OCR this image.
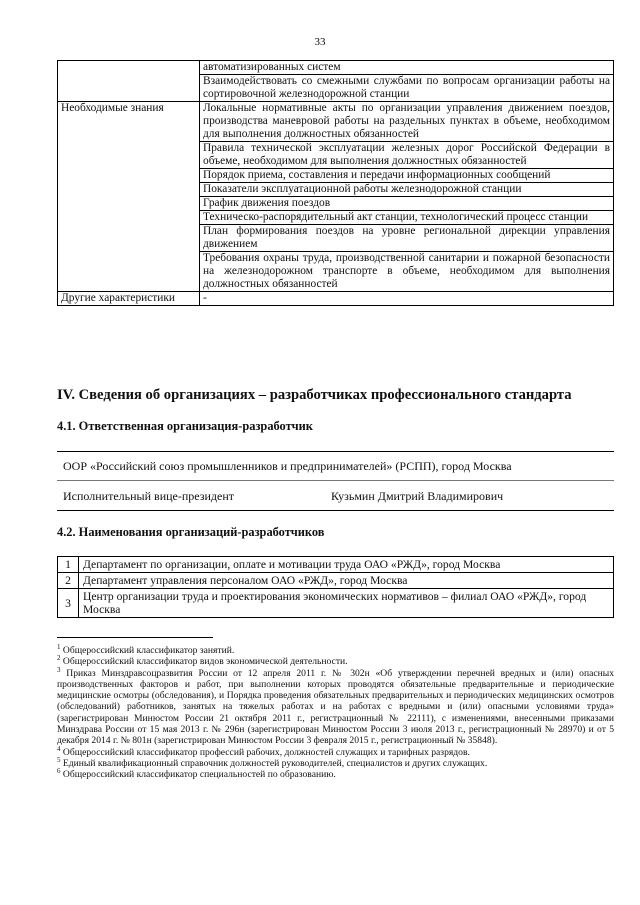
33
	автоматизированных систем
	Взаимодействовать со смежными службами по вопросам организации работы на сортировочной железнодорожной станции
Необходимые знания	Локальные нормативные акты по организации управления движением поездов, производства маневровой работы на раздельных пунктах в объеме, необходимом для выполнения должностных обязанностей
	Правила технической эксплуатации железных дорог Российской Федерации в объеме, необходимом для выполнения должностных обязанностей
	Порядок приема, составления и передачи информационных сообщений
	Показатели эксплуатационной работы железнодорожной станции
	График движения поездов
	Техническо-распорядительный акт станции, технологический процесс станции
	План формирования поездов на уровне региональной дирекции управления движением
	Требования охраны труда, производственной санитарии и пожарной безопасности на железнодорожном транспорте в объеме, необходимом для выполнения должностных обязанностей
Другие характеристики	-
IV. Сведения об организациях – разработчиках профессионального стандарта
4.1. Ответственная организация-разработчик
ООР «Российский союз промышленников и предпринимателей» (РСПП), город Москва
Исполнительный вице-президент	Кузьмин Дмитрий Владимирович
4.2. Наименования организаций-разработчиков
1	Департамент по организации, оплате и мотивации труда ОАО «РЖД», город Москва
2	Департамент управления персоналом ОАО «РЖД», город Москва
3	Центр организации труда и проектирования экономических нормативов – филиал ОАО «РЖД», город Москва

$^1$ Общероссийский классификатор занятий.

$^2$ Общероссийский классификатор видов экономической деятельности.

$^3$ Приказ Минздравсоцразвития России от 12 апреля 2011 г. № 302н «Об утверждении перечней вредных и (или) опасных производственных факторов и работ, при выполнении которых проводятся обязательные предварительные и периодические медицинские осмотры (обследования), и Порядка проведения обязательных предварительных и периодических медицинских осмотров (обследований) работников, занятых на тяжелых работах и на работах с вредными и (или) опасными условиями труда» (зарегистрирован Минюстом России 21 октября 2011 г., регистрационный № 22111), с изменениями, внесенными приказами Минздрава России от 15 мая 2013 г. № 296н (зарегистрирован Минюстом России 3 июля 2013 г., регистрационный № 28970) и от 5 декабря 2014 г. № 801н (зарегистрирован Минюстом России 3 февраля 2015 г., регистрационный № 35848).

$^4$ Общероссийский классификатор профессий рабочих, должностей служащих и тарифных разрядов.

$^5$ Единый квалификационный справочник должностей руководителей, специалистов и других служащих.

$^6$ Общероссийский классификатор специальностей по образованию.
